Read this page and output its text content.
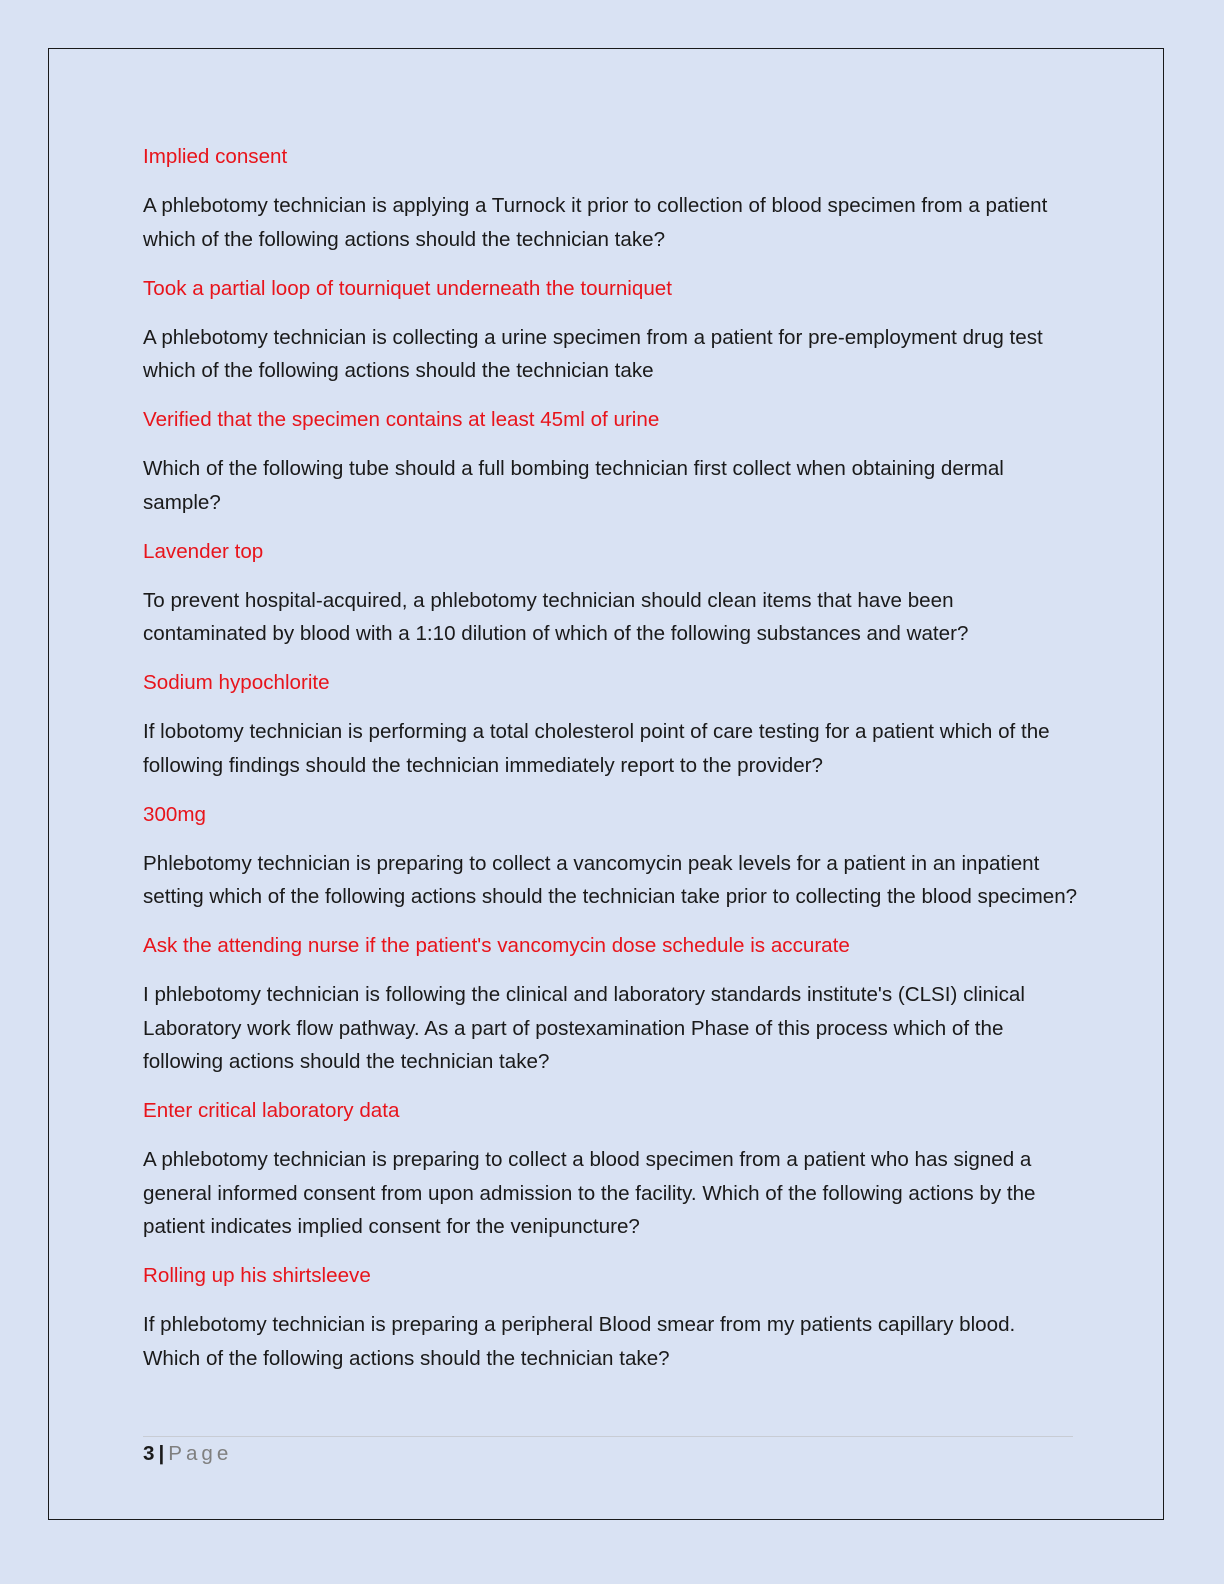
Implied consent

A phlebotomy technician is applying a Turnock it prior to collection of blood specimen from a patient which of the following actions should the technician take?

Took a partial loop of tourniquet underneath the tourniquet

A phlebotomy technician is collecting a urine specimen from a patient for pre-employment drug test which of the following actions should the technician take

Verified that the specimen contains at least 45ml of urine

Which of the following tube should a full bombing technician first collect when obtaining dermal sample?

Lavender top

To prevent hospital-acquired, a phlebotomy technician should clean items that have been contaminated by blood with a 1:10 dilution of which of the following substances and water?

Sodium hypochlorite

If lobotomy technician is performing a total cholesterol point of care testing for a patient which of the following findings should the technician immediately report to the provider?

300mg

Phlebotomy technician is preparing to collect a vancomycin peak levels for a patient in an inpatient setting which of the following actions should the technician take prior to collecting the blood specimen?

Ask the attending nurse if the patient's vancomycin dose schedule is accurate

I phlebotomy technician is following the clinical and laboratory standards institute's (CLSI) clinical Laboratory work flow pathway. As a part of postexamination Phase of this process which of the following actions should the technician take?

Enter critical laboratory data

A phlebotomy technician is preparing to collect a blood specimen from a patient who has signed a general informed consent from upon admission to the facility. Which of the following actions by the patient indicates implied consent for the venipuncture?

Rolling up his shirtsleeve

If phlebotomy technician is preparing a peripheral Blood smear from my patients capillary blood. Which of the following actions should the technician take?

3 | Page
